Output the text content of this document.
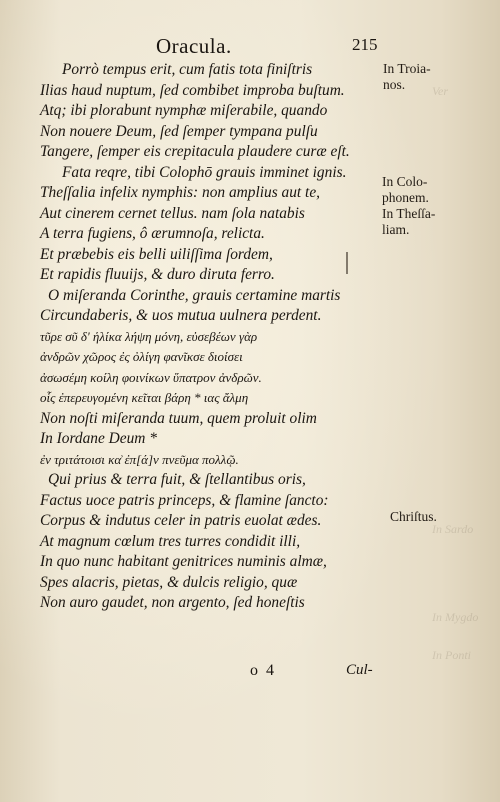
Ver
In Sardo
In Mygdo
In Ponti
Oracula.	215
Porrò tempus erit, cum fatis tota finiſtris
Ilias haud nuptum, ſed combibet improba buſtum.
Atq; ibi plorabunt nymphæ miſerabile, quando
Non nouere Deum, ſed ſemper tympana pulſu
Tangere, ſemper eis crepitacula plaudere curæ eſt.
Fata reqre, tibi Colophō grauis imminet ignis.
Theſſalia infelix nymphis: non amplius aut te,
Aut cinerem cernet tellus. nam ſola natabis
A terra fugiens, ô ærumnoſa, relicta.
Et præbebis eis belli uiliſſima ſordem,
Et rapidis fluuijs, & duro diruta ferro.
O miſeranda Corinthe, grauis certamine martis
Circundaberis, & uos mutua uulnera perdent.
τῦρε σῦ δ' ἡλίκα λήψη μόνη, εὐσεβέων γὰρ
ἀνδρῶν χῶρος ἐς ὀλίγη φανῖκσε διοίσει
ἀσωσέμη κοίλη φοινίκων ὕπατρον ἀνδρῶν.
οἷς ἐπερευγομένη κεῖται βάρη * ιας ἄλμη
Non noſti miſeranda tuum, quem proluit olim
In Iordane Deum *
ἐν τριτάτοισι κα͗ ἐπ[ά]ν πνεῦμα πολλῷ.
Qui prius & terra fuit, & ſtellantibus oris,
Factus uoce patris princeps, & flamine ſancto:
Corpus & indutus celer in patris euolat ædes.
At magnum cœlum tres turres condidit illi,
In quo nunc habitant genitrices numinis almæ,
Spes alacris, pietas, & dulcis religio, quæ
Non auro gaudet, non argento, ſed honeſtis
In Troia-
nos.
In Colo-
phonem.
In Theſſa-
liam.
Chriſtus.
o 4	Cul-
